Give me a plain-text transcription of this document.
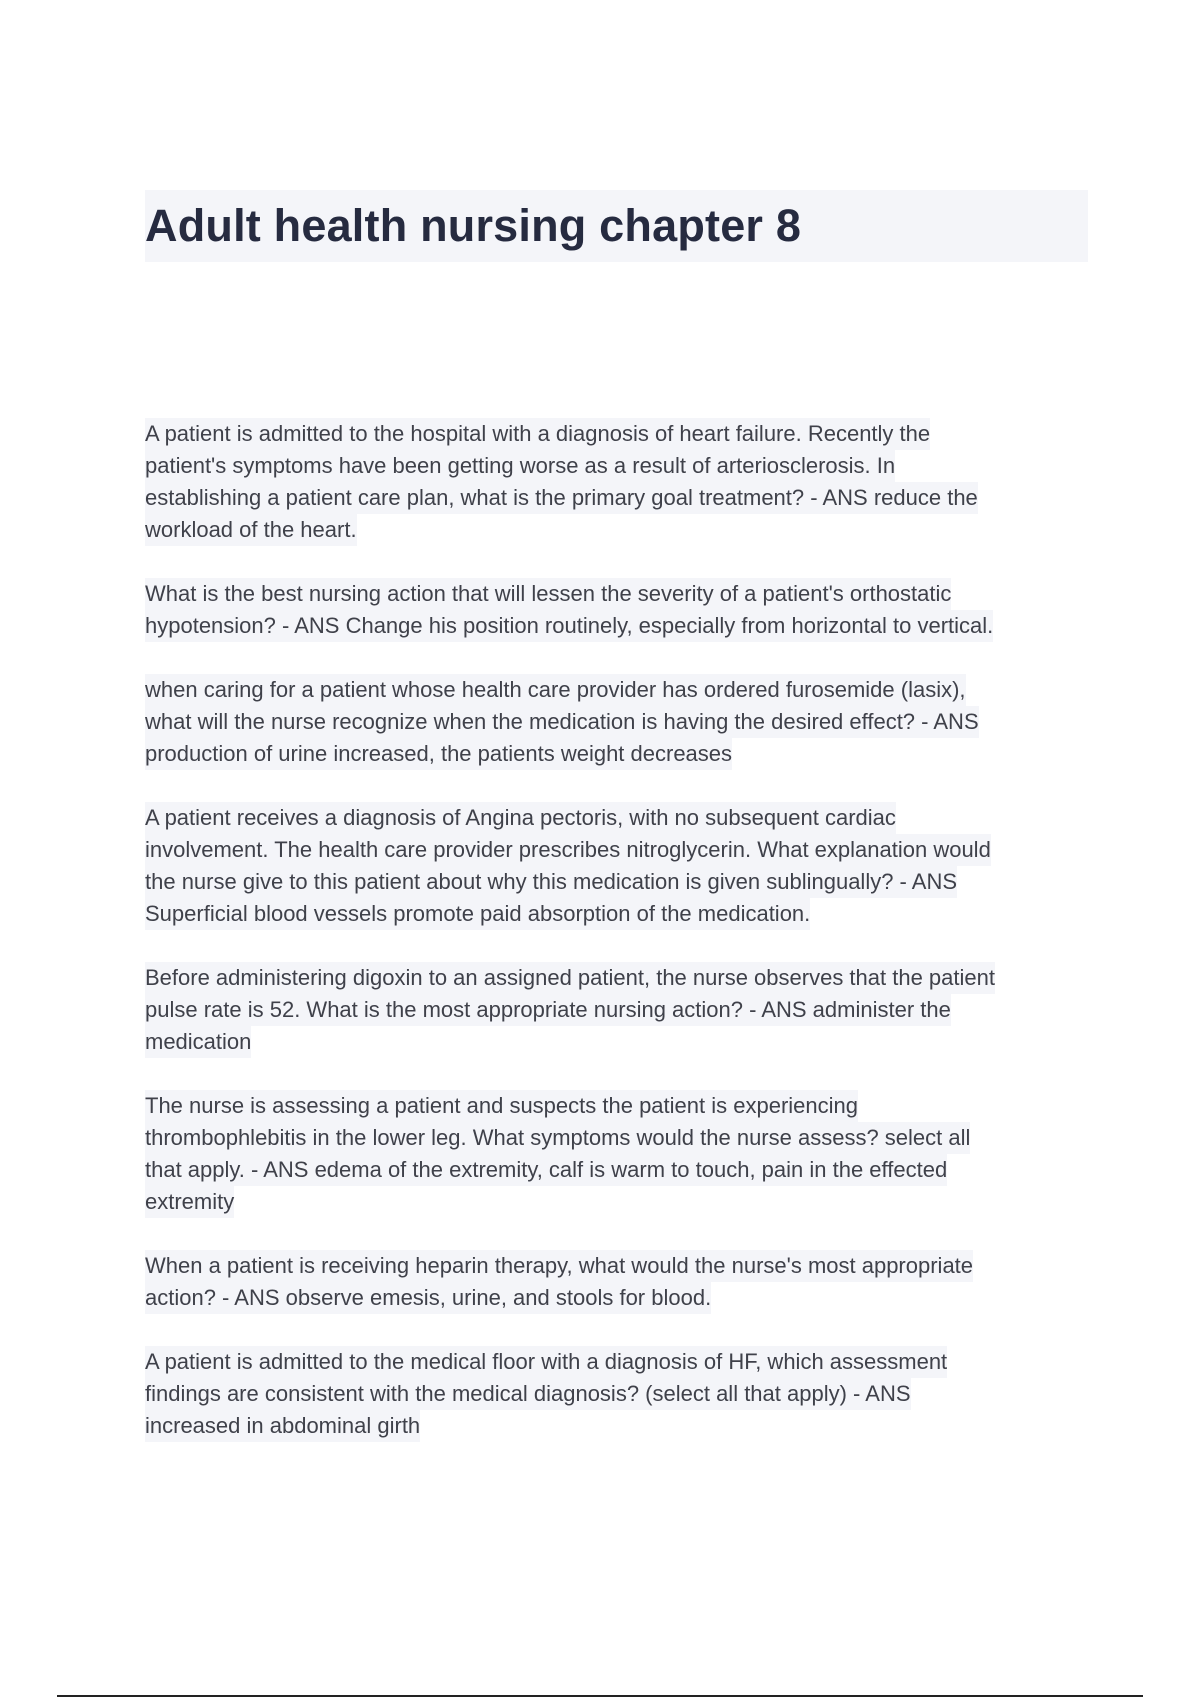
Adult health nursing chapter 8
A patient is admitted to the hospital with a diagnosis of heart failure. Recently the
patient's symptoms have been getting worse as a result of arteriosclerosis. In
establishing a patient care plan, what is the primary goal treatment? - ANS reduce the
workload of the heart.
What is the best nursing action that will lessen the severity of a patient's orthostatic
hypotension? - ANS Change his position routinely, especially from horizontal to vertical.
when caring for a patient whose health care provider has ordered furosemide (lasix),
what will the nurse recognize when the medication is having the desired effect? - ANS
production of urine increased, the patients weight decreases
A patient receives a diagnosis of Angina pectoris, with no subsequent cardiac
involvement. The health care provider prescribes nitroglycerin. What explanation would
the nurse give to this patient about why this medication is given sublingually? - ANS
Superficial blood vessels promote paid absorption of the medication.
Before administering digoxin to an assigned patient, the nurse observes that the patient
pulse rate is 52. What is the most appropriate nursing action? - ANS administer the
medication
The nurse is assessing a patient and suspects the patient is experiencing
thrombophlebitis in the lower leg. What symptoms would the nurse assess? select all
that apply. - ANS edema of the extremity, calf is warm to touch, pain in the effected
extremity
When a patient is receiving heparin therapy, what would the nurse's most appropriate
action? - ANS observe emesis, urine, and stools for blood.
A patient is admitted to the medical floor with a diagnosis of HF, which assessment
findings are consistent with the medical diagnosis? (select all that apply) - ANS
increased in abdominal girth
